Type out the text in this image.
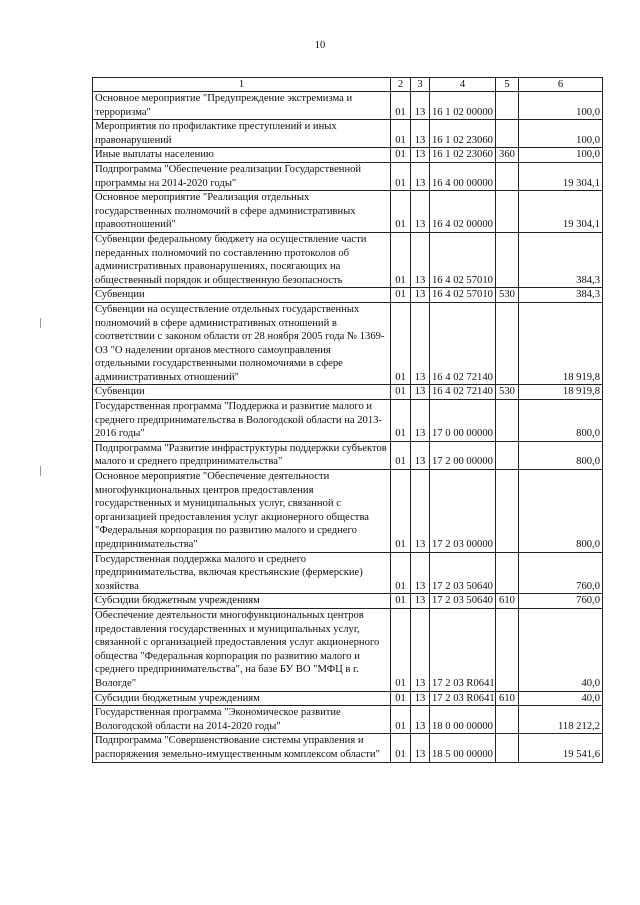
10
1	2	3	4	5	6
Основное мероприятие "Предупреждение экстремизма и терроризма"	01	13	16 1 02 00000		100,0
Мероприятия по профилактике преступлений и иных правонарушений	01	13	16 1 02 23060		100,0
Иные выплаты населению	01	13	16 1 02 23060	360	100,0
Подпрограмма "Обеспечение реализации Государственной программы на 2014-2020 годы"	01	13	16 4 00 00000		19 304,1
Основное мероприятие "Реализация отдельных государственных полномочий в сфере административных правоотношений"	01	13	16 4 02 00000		19 304,1
Субвенции федеральному бюджету на осуществление части переданных полномочий по составлению протоколов об административных правонарушениях, посягающих на общественный порядок и общественную безопасность	01	13	16 4 02 57010		384,3
Субвенции	01	13	16 4 02 57010	530	384,3
Субвенции на осуществление отдельных государственных полномочий в сфере административных отношений в соответствии с законом области от 28 ноября 2005 года № 1369-ОЗ "О наделении органов местного самоуправления отдельными государственными полномочиями в сфере административных отношений"	01	13	16 4 02 72140		18 919,8
Субвенции	01	13	16 4 02 72140	530	18 919,8
Государственная программа "Поддержка и развитие малого и среднего предпринимательства в Вологодской области на 2013-2016 годы"	01	13	17 0 00 00000		800,0
Подпрограмма "Развитие инфраструктуры поддержки субъектов малого и среднего предпринимательства"	01	13	17 2 00 00000		800,0
Основное мероприятие "Обеспечение деятельности многофункциональных центров предоставления государственных и муниципальных услуг, связанной с организацией предоставления услуг акционерного общества "Федеральная корпорация по развитию малого и среднего предпринимательства"	01	13	17 2 03 00000		800,0
Государственная поддержка малого и среднего предпринимательства, включая крестьянские (фермерские) хозяйства	01	13	17 2 03 50640		760,0
Субсидии бюджетным учреждениям	01	13	17 2 03 50640	610	760,0
Обеспечение деятельности многофункциональных центров предоставления государственных и муниципальных услуг, связанной с организацией предоставления услуг акционерного общества "Федеральная корпорация по развитию малого и среднего предпринимательства", на базе БУ ВО "МФЦ в г. Вологде"	01	13	17 2 03 R0641		40,0
Субсидии бюджетным учреждениям	01	13	17 2 03 R0641	610	40,0
Государственная программа "Экономическое развитие Вологодской области на 2014-2020 годы"	01	13	18 0 00 00000		118 212,2
Подпрограмма "Совершенствование системы управления и распоряжения земельно-имущественным комплексом области"	01	13	18 5 00 00000		19 541,6
